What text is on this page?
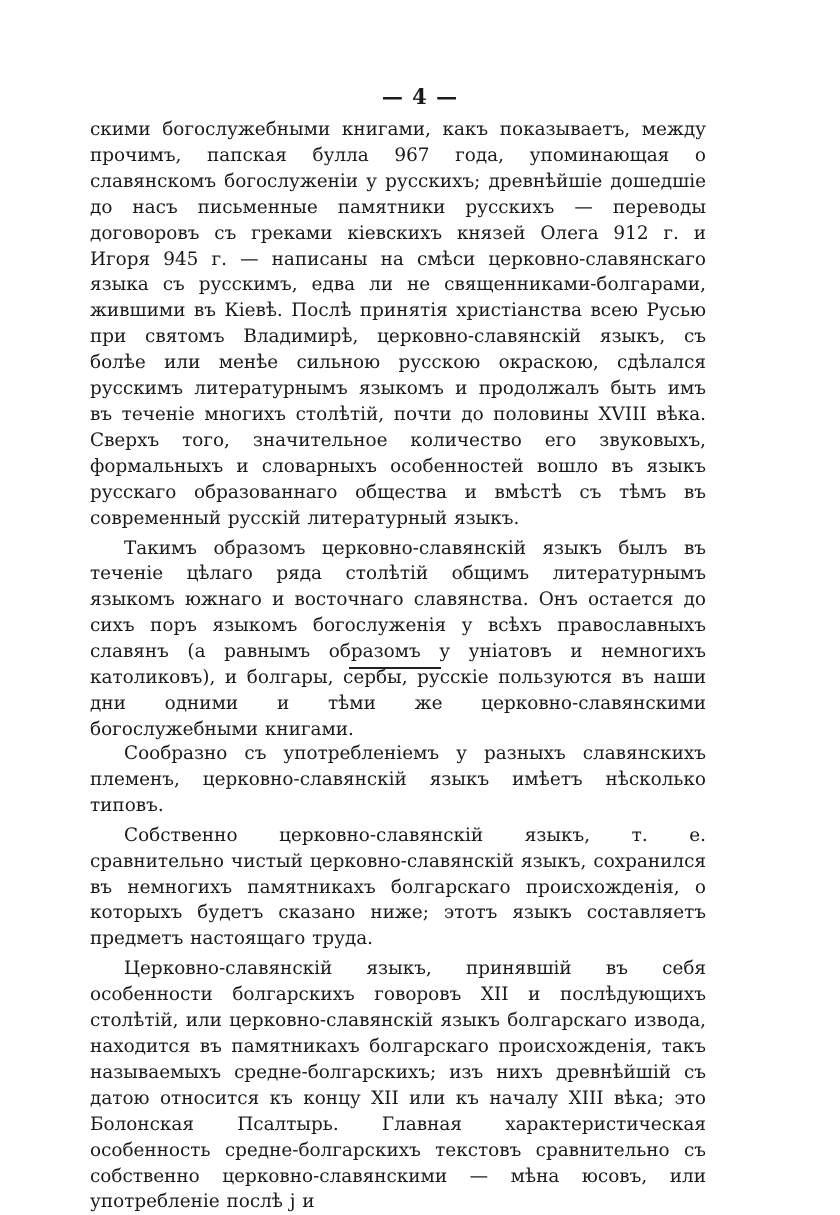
— 4 —

скими богослужебными книгами, какъ показываетъ, между прочимъ, папская булла 967 года, упоминающая о славянскомъ богослуженіи у русскихъ; древнѣйшіе дошедшіе до насъ письменные памятники русскихъ — переводы договоровъ съ греками кіевскихъ князей Олега 912 г. и Игоря 945 г. — написаны на смѣси церковно-славянскаго языка съ русскимъ, едва ли не священниками-болгарами, жившими въ Кіевѣ. Послѣ принятія христіанства всею Русью при святомъ Владимирѣ, церковно-славянскій языкъ, съ болѣе или менѣе сильною русскою окраскою, сдѣлался русскимъ литературнымъ языкомъ и продолжалъ быть имъ въ теченіе многихъ столѣтій, почти до половины XVIII вѣка. Сверхъ того, значительное количество его звуковыхъ, формальныхъ и словарныхъ особенностей вошло въ языкъ русскаго образованнаго общества и вмѣстѣ съ тѣмъ въ современный русскій литературный языкъ.

Такимъ образомъ церковно-славянскій языкъ былъ въ теченіе цѣлаго ряда столѣтій общимъ литературнымъ языкомъ южнаго и восточнаго славянства. Онъ остается до сихъ поръ языкомъ богослуженія у всѣхъ православныхъ славянъ (а равнымъ образомъ у уніатовъ и немногихъ католиковъ), и болгары, сербы, русскіе пользуются въ наши дни одними и тѣми же церковно-славянскими богослужебными книгами.

Сообразно съ употребленіемъ у разныхъ славянскихъ племенъ, церковно-славянскій языкъ имѣетъ нѣсколько типовъ.

Собственно церковно-славянскій языкъ, т. е. сравнительно чистый церковно-славянскій языкъ, сохранился въ немногихъ памятникахъ болгарскаго происхожденія, о которыхъ будетъ сказано ниже; этотъ языкъ составляетъ предметъ настоящаго труда.

Церковно-славянскій языкъ, принявшій въ себя особенности болгарскихъ говоровъ XII и послѣдующихъ столѣтій, или церковно-славянскій языкъ болгарскаго извода, находится въ памятникахъ болгарскаго происхожденія, такъ называемыхъ средне-болгарскихъ; изъ нихъ древнѣйшій съ датою относится къ концу XII или къ началу XIII вѣка; это Болонская Псалтырь. Главная характеристическая особенность средне-болгарскихъ текстовъ сравнительно съ собственно церковно-славянскими — мѣна юсовъ, или употребленіе послѣ ј и
